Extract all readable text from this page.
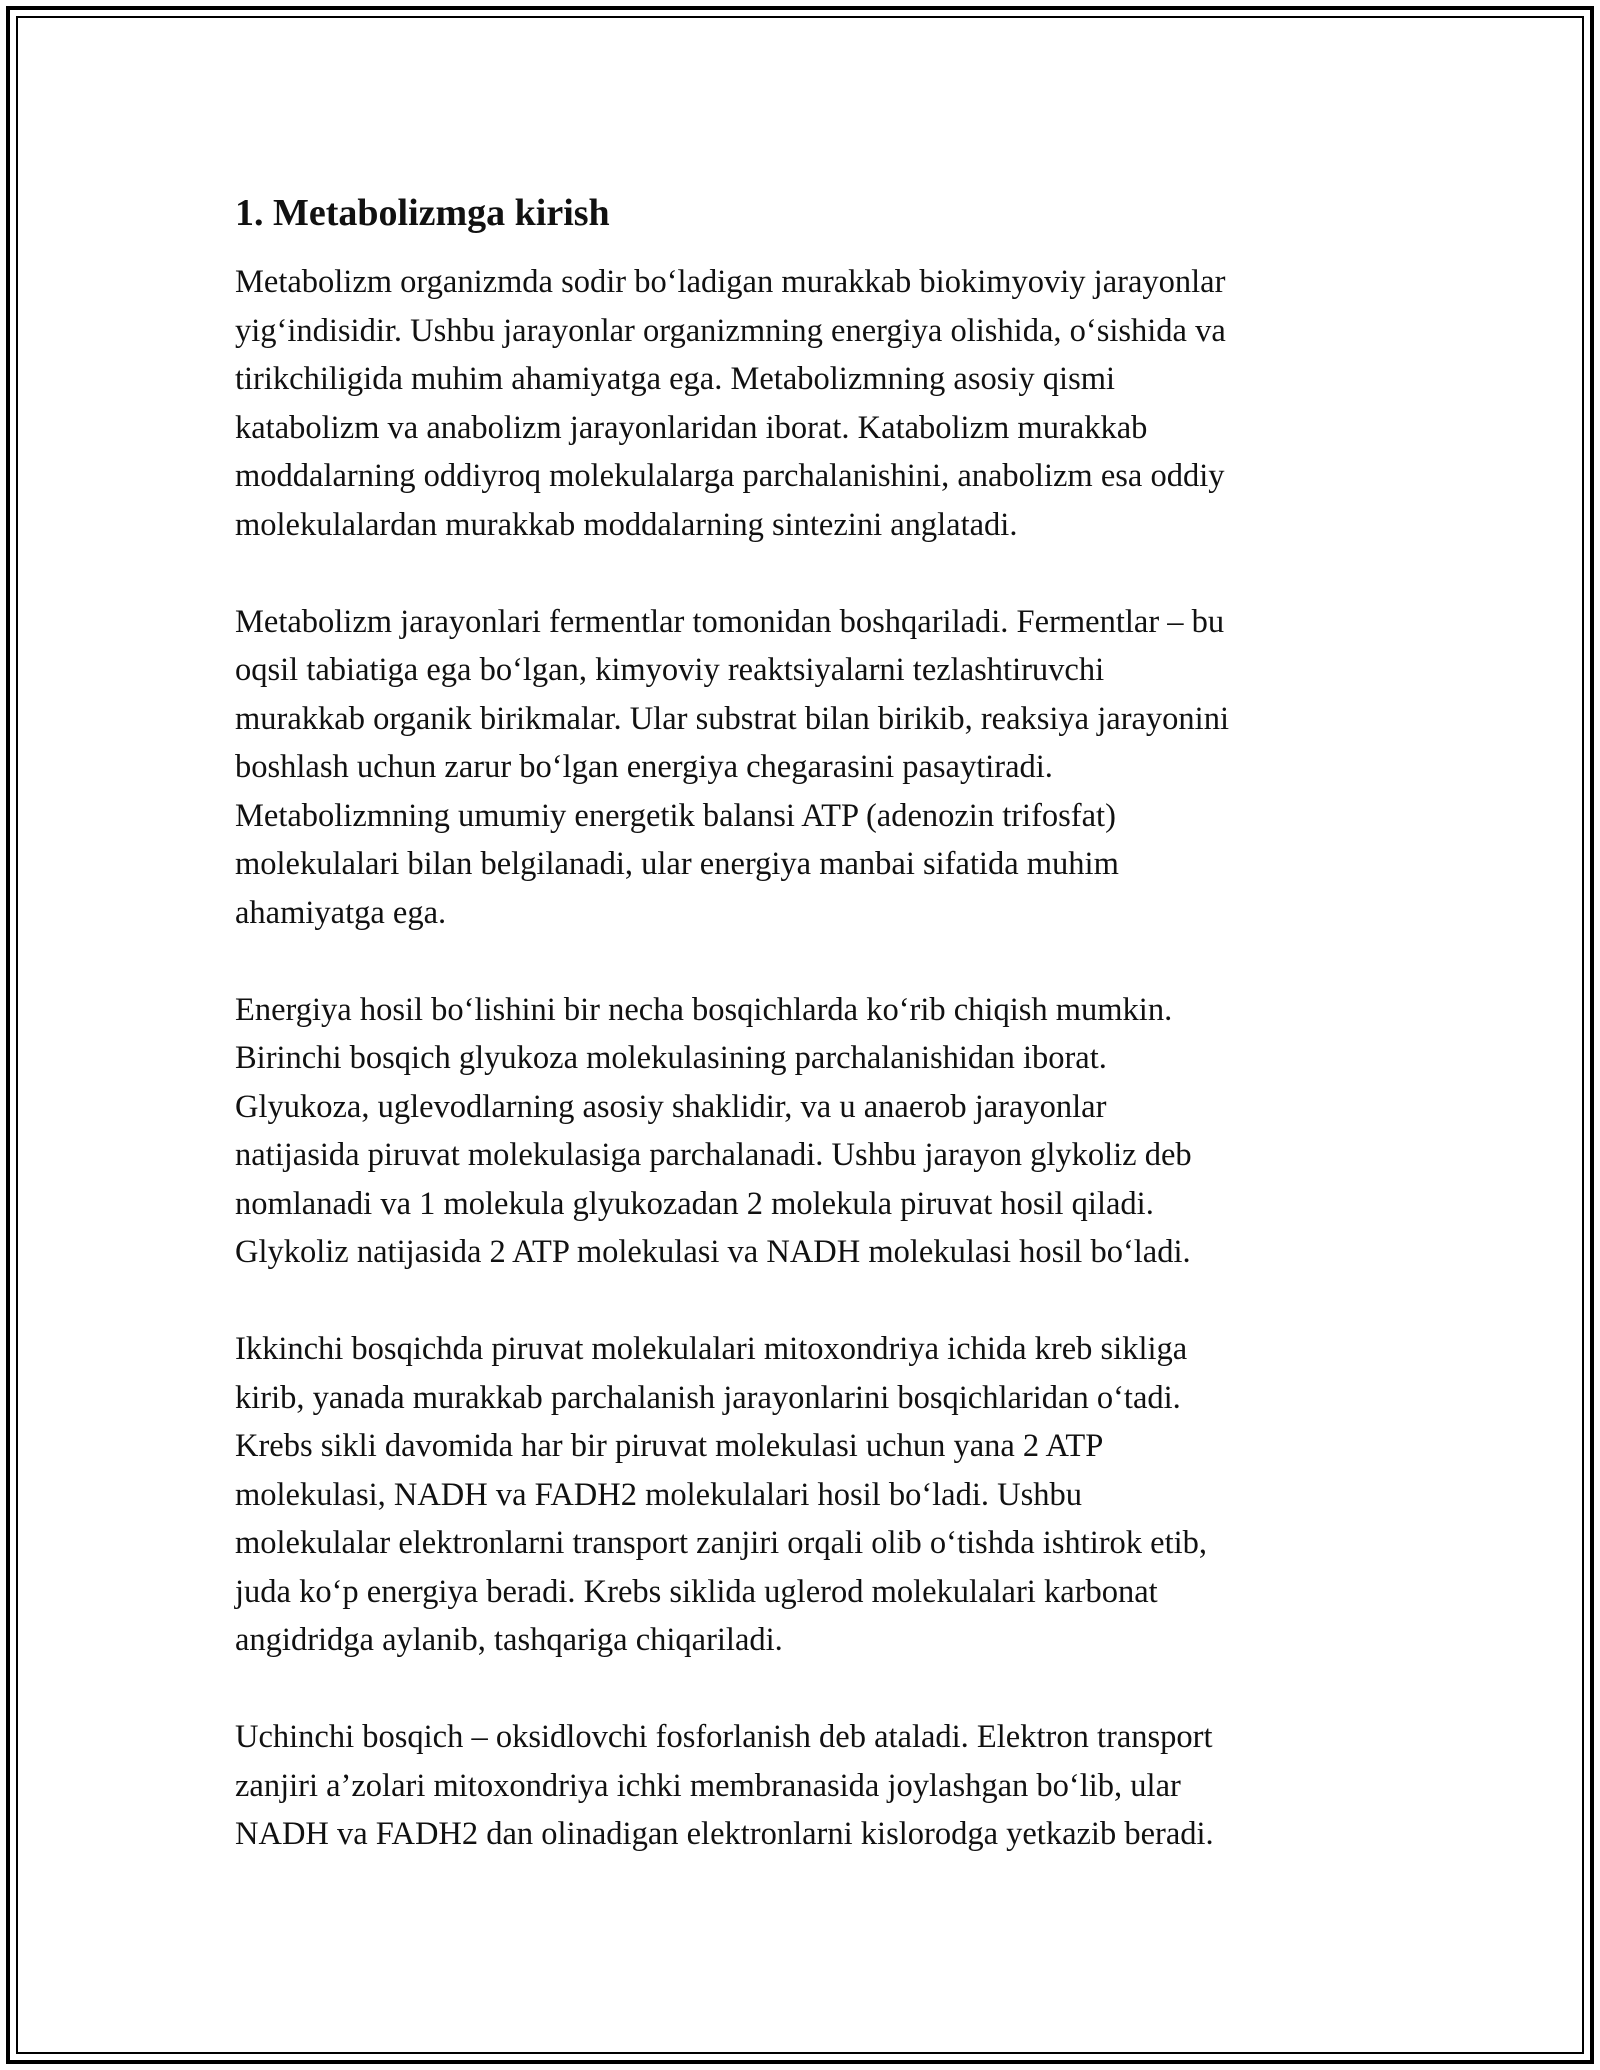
1. Metabolizmga kirish

Metabolizm organizmda sodir bo‘ladigan murakkab biokimyoviy jarayonlar
yig‘indisidir. Ushbu jarayonlar organizmning energiya olishida, o‘sishida va
tirikchiligida muhim ahamiyatga ega. Metabolizmning asosiy qismi
katabolizm va anabolizm jarayonlaridan iborat. Katabolizm murakkab
moddalarning oddiyroq molekulalarga parchalanishini, anabolizm esa oddiy
molekulalardan murakkab moddalarning sintezini anglatadi.

Metabolizm jarayonlari fermentlar tomonidan boshqariladi. Fermentlar – bu
oqsil tabiatiga ega bo‘lgan, kimyoviy reaktsiyalarni tezlashtiruvchi
murakkab organik birikmalar. Ular substrat bilan birikib, reaksiya jarayonini
boshlash uchun zarur bo‘lgan energiya chegarasini pasaytiradi.
Metabolizmning umumiy energetik balansi ATP (adenozin trifosfat)
molekulalari bilan belgilanadi, ular energiya manbai sifatida muhim
ahamiyatga ega.

Energiya hosil bo‘lishini bir necha bosqichlarda ko‘rib chiqish mumkin.
Birinchi bosqich glyukoza molekulasining parchalanishidan iborat.
Glyukoza, uglevodlarning asosiy shaklidir, va u anaerob jarayonlar
natijasida piruvat molekulasiga parchalanadi. Ushbu jarayon glykoliz deb
nomlanadi va 1 molekula glyukozadan 2 molekula piruvat hosil qiladi.
Glykoliz natijasida 2 ATP molekulasi va NADH molekulasi hosil bo‘ladi.

Ikkinchi bosqichda piruvat molekulalari mitoxondriya ichida kreb sikliga
kirib, yanada murakkab parchalanish jarayonlarini bosqichlaridan o‘tadi.
Krebs sikli davomida har bir piruvat molekulasi uchun yana 2 ATP
molekulasi, NADH va FADH2 molekulalari hosil bo‘ladi. Ushbu
molekulalar elektronlarni transport zanjiri orqali olib o‘tishda ishtirok etib,
juda ko‘p energiya beradi. Krebs siklida uglerod molekulalari karbonat
angidridga aylanib, tashqariga chiqariladi.

Uchinchi bosqich – oksidlovchi fosforlanish deb ataladi. Elektron transport
zanjiri a’zolari mitoxondriya ichki membranasida joylashgan bo‘lib, ular
NADH va FADH2 dan olinadigan elektronlarni kislorodga yetkazib beradi.
